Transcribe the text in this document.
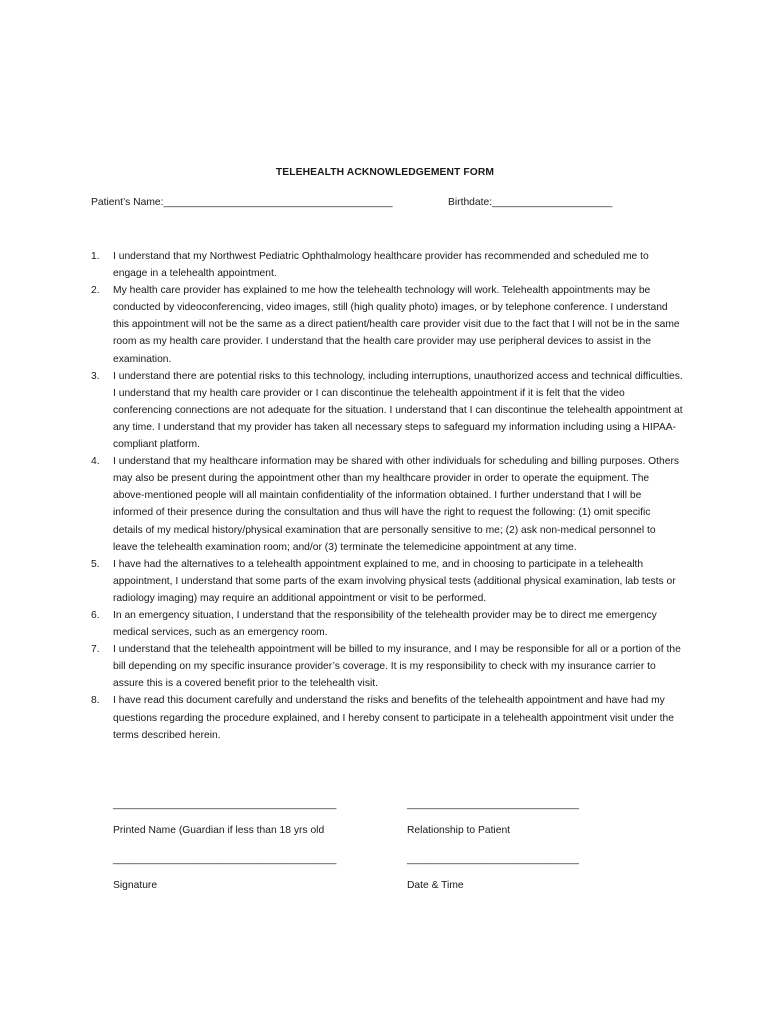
TELEHEALTH ACKNOWLEDGEMENT FORM
Patient’s Name:________________________________________	Birthdate:_____________________
1. I understand that my Northwest Pediatric Ophthalmology healthcare provider has recommended and scheduled me to engage in a telehealth appointment.
2. My health care provider has explained to me how the telehealth technology will work. Telehealth appointments may be conducted by videoconferencing, video images, still (high quality photo) images, or by telephone conference. I understand this appointment will not be the same as a direct patient/health care provider visit due to the fact that I will not be in the same room as my health care provider. I understand that the health care provider may use peripheral devices to assist in the examination.
3. I understand there are potential risks to this technology, including interruptions, unauthorized access and technical difficulties. I understand that my health care provider or I can discontinue the telehealth appointment if it is felt that the video conferencing connections are not adequate for the situation. I understand that I can discontinue the telehealth appointment at any time. I understand that my provider has taken all necessary steps to safeguard my information including using a HIPAA-compliant platform.
4. I understand that my healthcare information may be shared with other individuals for scheduling and billing purposes. Others may also be present during the appointment other than my healthcare provider in order to operate the equipment. The above-mentioned people will all maintain confidentiality of the information obtained. I further understand that I will be informed of their presence during the consultation and thus will have the right to request the following: (1) omit specific details of my medical history/physical examination that are personally sensitive to me; (2) ask non-medical personnel to leave the telehealth examination room; and/or (3) terminate the telemedicine appointment at any time.
5. I have had the alternatives to a telehealth appointment explained to me, and in choosing to participate in a telehealth appointment, I understand that some parts of the exam involving physical tests (additional physical examination, lab tests or radiology imaging) may require an additional appointment or visit to be performed.
6. In an emergency situation, I understand that the responsibility of the telehealth provider may be to direct me emergency medical services, such as an emergency room.
7. I understand that the telehealth appointment will be billed to my insurance, and I may be responsible for all or a portion of the bill depending on my specific insurance provider’s coverage. It is my responsibility to check with my insurance carrier to assure this is a covered benefit prior to the telehealth visit.
8. I have read this document carefully and understand the risks and benefits of the telehealth appointment and have had my questions regarding the procedure explained, and I hereby consent to participate in a telehealth appointment visit under the terms described herein.
_______________________________________	______________________________
Printed Name (Guardian if less than 18 yrs old	Relationship to Patient
_______________________________________	______________________________
Signature	Date & Time
